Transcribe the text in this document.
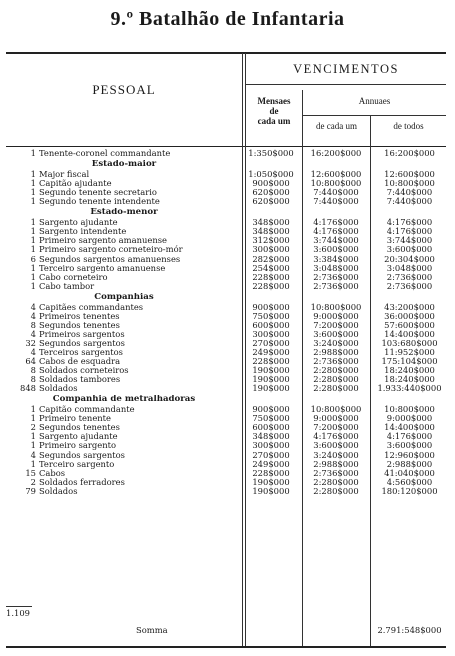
9.º Batalhão de Infantaria
PESSOAL
VENCIMENTOS
Mensaes
de
cada um
Annuaes
de cada um	de todos
1 Tenente-coronel commandante	1:350$000	16:200$000	16:200$000
Estado-maior
1 Major fiscal	1:050$000	12:600$000	12:600$000
1 Capitão ajudante	900$000	10:800$000	10:800$000
1 Segundo tenente secretario	620$000	7:440$000	7:440$000
1 Segundo tenente intendente	620$000	7:440$000	7:440$000
Estado-menor
1 Sargento ajudante	348$000	4:176$000	4:176$000
1 Sargento intendente	348$000	4:176$000	4:176$000
1 Primeiro sargento amanuense	312$000	3:744$000	3:744$000
1 Primeiro sargento corneteiro-mór	300$000	3:600$000	3:600$000
6 Segundos sargentos amanuenses	282$000	3:384$000	20:304$000
1 Terceiro sargento amanuense	254$000	3:048$000	3:048$000
1 Cabo corneteiro	228$000	2:736$000	2:736$000
1 Cabo tambor	228$000	2:736$000	2:736$000
Companhias
4 Capitães commandantes	900$000	10:800$000	43:200$000
4 Primeiros tenentes	750$000	9:000$000	36:000$000
8 Segundos tenentes	600$000	7:200$000	57:600$000
4 Primeiros sargentos	300$000	3:600$000	14:400$000
32 Segundos sargentos	270$000	3:240$000	103:680$000
4 Terceiros sargentos	249$000	2:988$000	11:952$000
64 Cabos de esquadra	228$000	2:736$000	175:104$000
8 Soldados corneteiros	190$000	2:280$000	18:240$000
8 Soldados tambores	190$000	2:280$000	18:240$000
848 Soldados	190$000	2:280$000	1.933:440$000
Companhia de metralhadoras
1 Capitão commandante	900$000	10:800$000	10:800$000
1 Primeiro tenente	750$000	9:000$000	9:000$000
2 Segundos tenentes	600$000	7:200$000	14:400$000
1 Sargento ajudante	348$000	4:176$000	4:176$000
1 Primeiro sargento	300$000	3:600$000	3:600$000
4 Segundos sargentos	270$000	3:240$000	12:960$000
1 Terceiro sargento	249$000	2:988$000	2:988$000
15 Cabos	228$000	2:736$000	41:040$000
2 Soldados ferradores	190$000	2:280$000	4:560$000
79 Soldados	190$000	2:280$000	180:120$000
1.109
Somma	2.791:548$000
